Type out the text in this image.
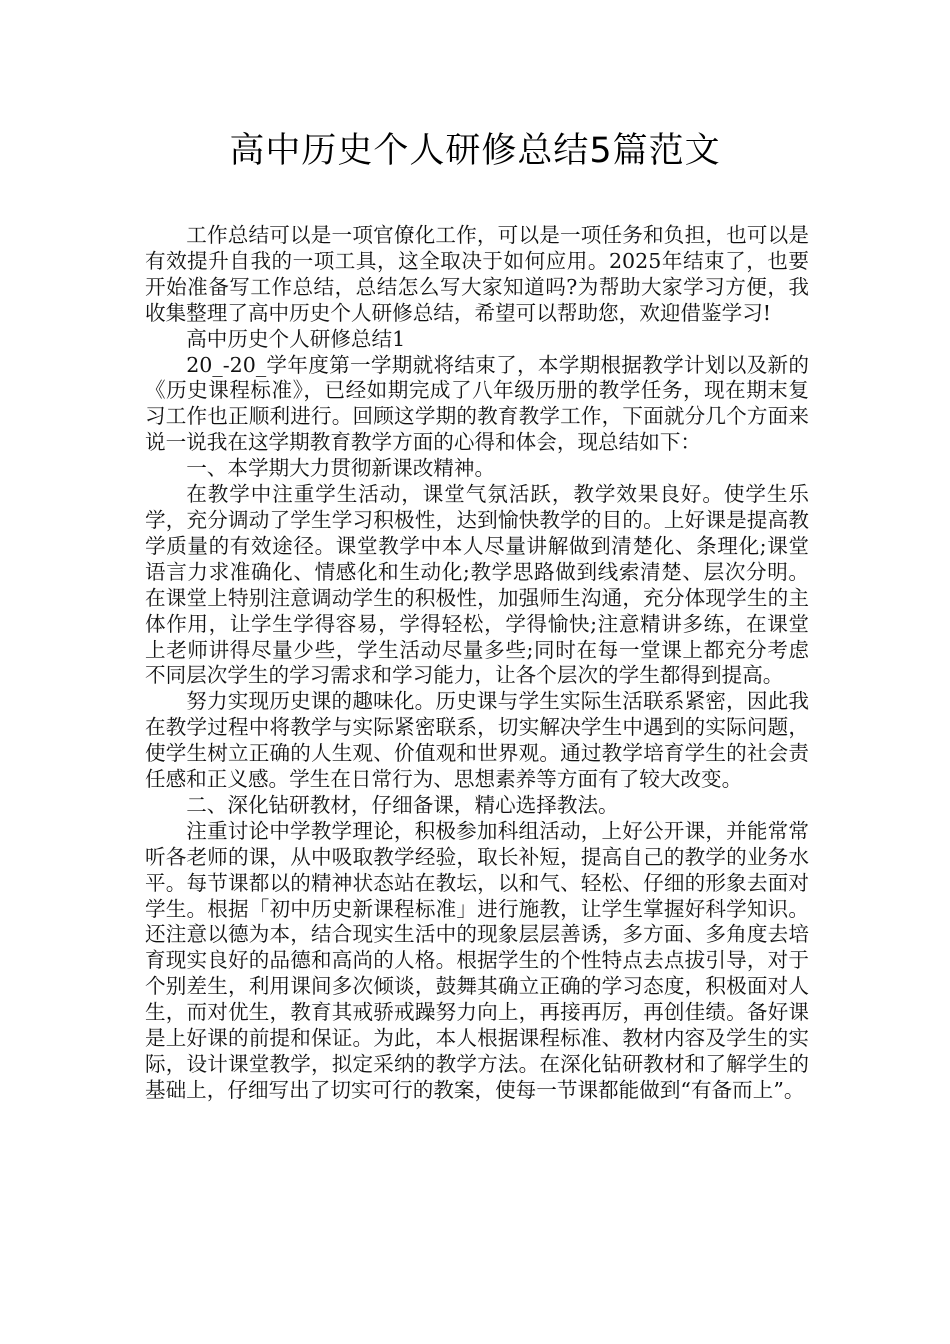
高中历史个人研修总结5篇范文

工作总结可以是一项官僚化工作，可以是一项任务和负担，也可以是有效提升自我的一项工具，这全取决于如何应用。2025年结束了，也要开始准备写工作总结，总结怎么写大家知道吗?为帮助大家学习方便，我收集整理了高中历史个人研修总结，希望可以帮助您，欢迎借鉴学习!

高中历史个人研修总结1

20_-20_学年度第一学期就将结束了，本学期根据教学计划以及新的《历史课程标准》，已经如期完成了八年级历册的教学任务，现在期末复习工作也正顺利进行。回顾这学期的教育教学工作，下面就分几个方面来说一说我在这学期教育教学方面的心得和体会，现总结如下：

一、本学期大力贯彻新课改精神。

在教学中注重学生活动，课堂气氛活跃，教学效果良好。使学生乐学，充分调动了学生学习积极性，达到愉快教学的目的。上好课是提高教学质量的有效途径。课堂教学中本人尽量讲解做到清楚化、条理化;课堂语言力求准确化、情感化和生动化;教学思路做到线索清楚、层次分明。在课堂上特别注意调动学生的积极性，加强师生沟通，充分体现学生的主体作用，让学生学得容易，学得轻松，学得愉快;注意精讲多练，在课堂上老师讲得尽量少些，学生活动尽量多些;同时在每一堂课上都充分考虑不同层次学生的学习需求和学习能力，让各个层次的学生都得到提高。

努力实现历史课的趣味化。历史课与学生实际生活联系紧密，因此我在教学过程中将教学与实际紧密联系，切实解决学生中遇到的实际问题，使学生树立正确的人生观、价值观和世界观。通过教学培育学生的社会责任感和正义感。学生在日常行为、思想素养等方面有了较大改变。

二、深化钻研教材，仔细备课，精心选择教法。

注重讨论中学教学理论，积极参加科组活动，上好公开课，并能常常听各老师的课，从中吸取教学经验，取长补短，提高自己的教学的业务水平。每节课都以的精神状态站在教坛，以和气、轻松、仔细的形象去面对学生。根据「初中历史新课程标准」进行施教，让学生掌握好科学知识。还注意以德为本，结合现实生活中的现象层层善诱，多方面、多角度去培育现实良好的品德和高尚的人格。根据学生的个性特点去点拔引导，对于个别差生，利用课间多次倾谈，鼓舞其确立正确的学习态度，积极面对人生，而对优生，教育其戒骄戒躁努力向上，再接再厉，再创佳绩。备好课是上好课的前提和保证。为此，本人根据课程标准、教材内容及学生的实际，设计课堂教学，拟定采纳的教学方法。在深化钻研教材和了解学生的基础上，仔细写出了切实可行的教案，使每一节课都能做到“有备而上”。
